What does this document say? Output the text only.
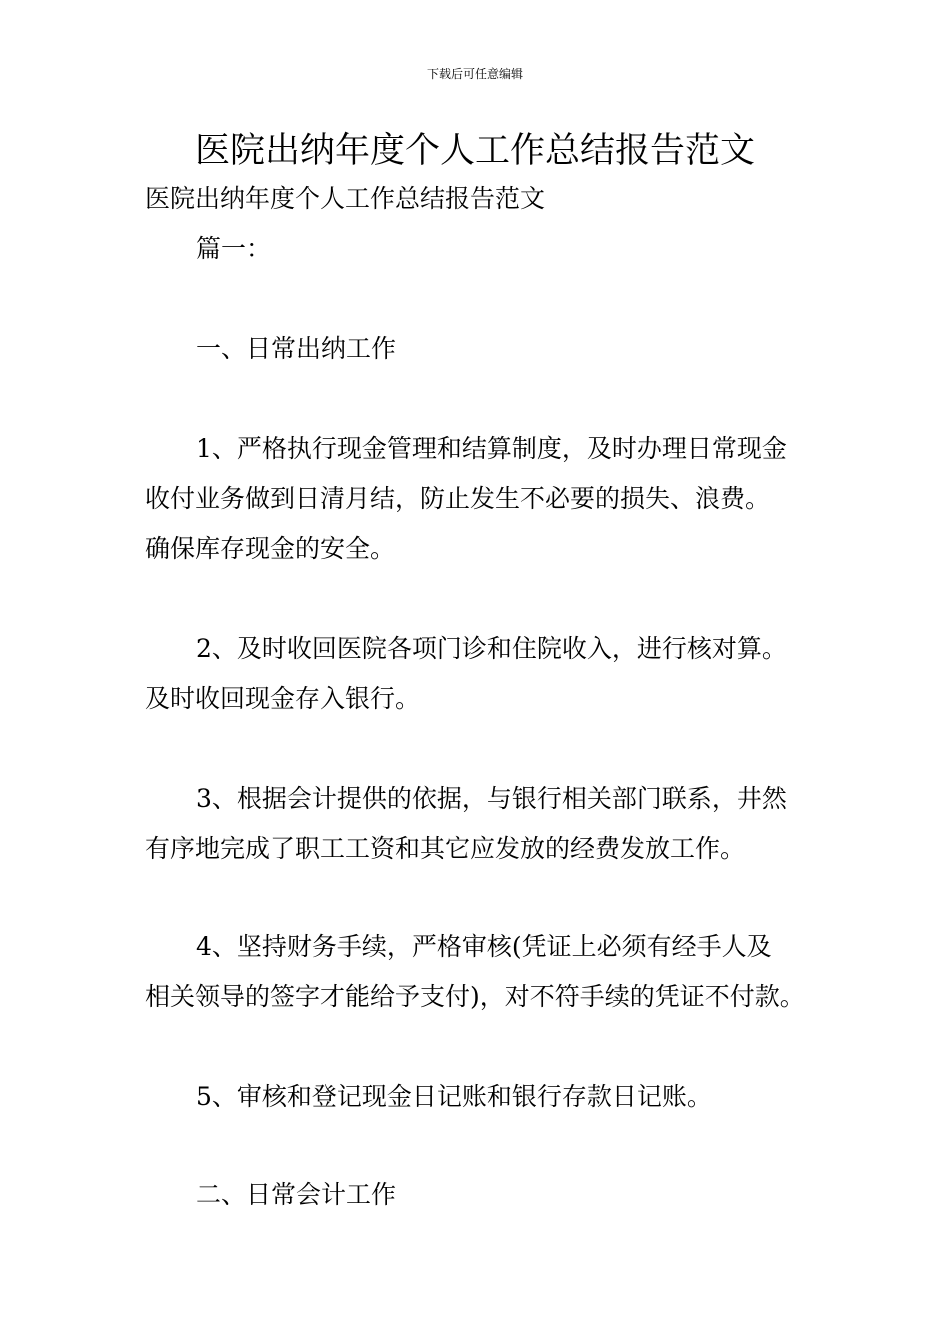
下载后可任意编辑
医院出纳年度个人工作总结报告范文
医院出纳年度个人工作总结报告范文
篇一：
一、日常出纳工作
1、严格执行现金管理和结算制度，及时办理日常现金
收付业务做到日清月结，防止发生不必要的损失、浪费。
确保库存现金的安全。
2、及时收回医院各项门诊和住院收入，进行核对算。
及时收回现金存入银行。
3、根据会计提供的依据，与银行相关部门联系，井然
有序地完成了职工工资和其它应发放的经费发放工作。
4、坚持财务手续，严格审核(凭证上必须有经手人及
相关领导的签字才能给予支付)，对不符手续的凭证不付款。
5、审核和登记现金日记账和银行存款日记账。
二、日常会计工作
